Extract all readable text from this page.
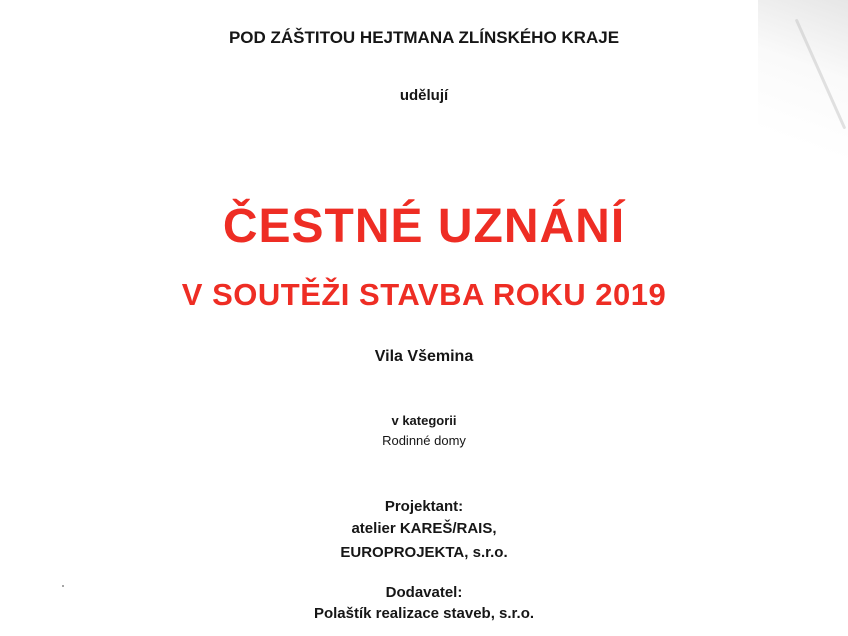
POD ZÁŠTITOU HEJTMANA ZLÍNSKÉHO KRAJE
udělují
ČESTNÉ UZNÁNÍ
V SOUTĚŽI STAVBA ROKU 2019
Vila Všemina
v kategorii
Rodinné domy
Projektant:
atelier KAREŠ/RAIS,
EUROPROJEKTA, s.r.o.
Dodavatel:
Polaštík realizace staveb, s.r.o.
